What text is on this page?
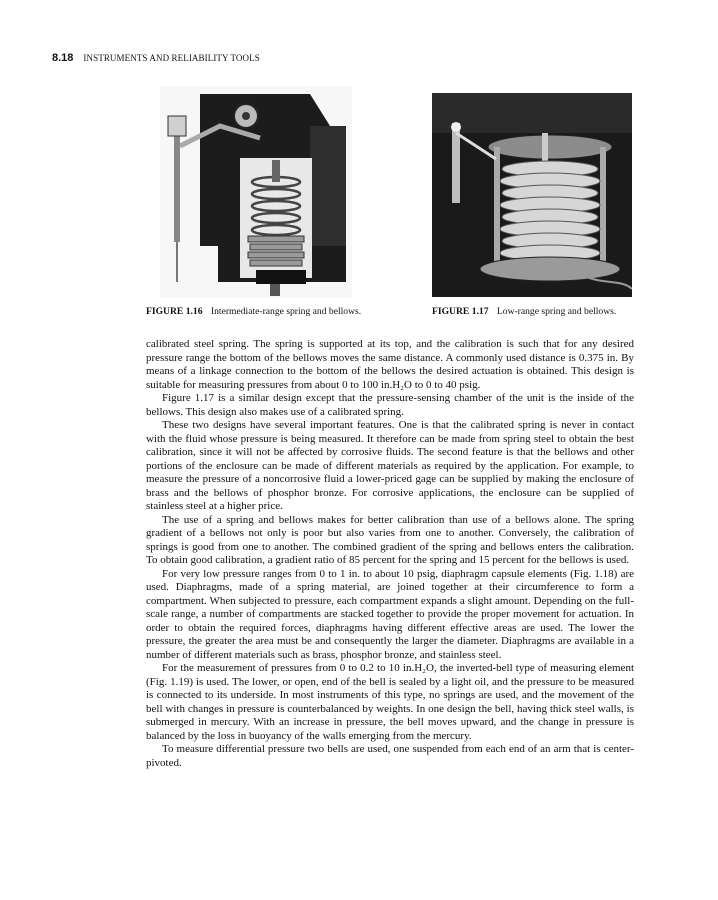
8.18 INSTRUMENTS AND RELIABILITY TOOLS
FIGURE 1.16 Intermediate-range spring and bellows.	FIGURE 1.17 Low-range spring and bellows.

calibrated steel spring. The spring is supported at its top, and the calibration is such that for any desired pressure range the bottom of the bellows moves the same distance. A commonly used distance is 0.375 in. By means of a linkage connection to the bottom of the bellows the desired actuation is obtained. This design is suitable for measuring pressures from about 0 to 100 in.H₂O to 0 to 40 psig.

Figure 1.17 is a similar design except that the pressure-sensing chamber of the unit is the inside of the bellows. This design also makes use of a calibrated spring.

These two designs have several important features. One is that the calibrated spring is never in contact with the fluid whose pressure is being measured. It therefore can be made from spring steel to obtain the best calibration, since it will not be affected by corrosive fluids. The second feature is that the bellows and other portions of the enclosure can be made of different materials as required by the application. For example, to measure the pressure of a noncorrosive fluid a lower-priced gage can be supplied by making the enclosure of brass and the bellows of phosphor bronze. For corrosive applications, the enclosure can be supplied of stainless steel at a higher price.

The use of a spring and bellows makes for better calibration than use of a bellows alone. The spring gradient of a bellows not only is poor but also varies from one to another. Conversely, the calibration of springs is good from one to another. The combined gradient of the spring and bellows enters the calibration. To obtain good calibration, a gradient ratio of 85 percent for the spring and 15 percent for the bellows is used.

For very low pressure ranges from 0 to 1 in. to about 10 psig, diaphragm capsule elements (Fig. 1.18) are used. Diaphragms, made of a spring material, are joined together at their circumference to form a compartment. When subjected to pressure, each compartment expands a slight amount. Depending on the full-scale range, a number of compartments are stacked together to provide the proper movement for actuation. In order to obtain the required forces, diaphragms having different effective areas are used. The lower the pressure, the greater the area must be and consequently the larger the diameter. Diaphragms are available in a number of different materials such as brass, phosphor bronze, and stainless steel.

For the measurement of pressures from 0 to 0.2 to 10 in.H₂O, the inverted-bell type of measuring element (Fig. 1.19) is used. The lower, or open, end of the bell is sealed by a light oil, and the pressure to be measured is connected to its underside. In most instruments of this type, no springs are used, and the movement of the bell with changes in pressure is counterbalanced by weights. In one design the bell, having thick steel walls, is submerged in mercury. With an increase in pressure, the bell moves upward, and the change in pressure is balanced by the loss in buoyancy of the walls emerging from the mercury.

To measure differential pressure two bells are used, one suspended from each end of an arm that is center-pivoted.
